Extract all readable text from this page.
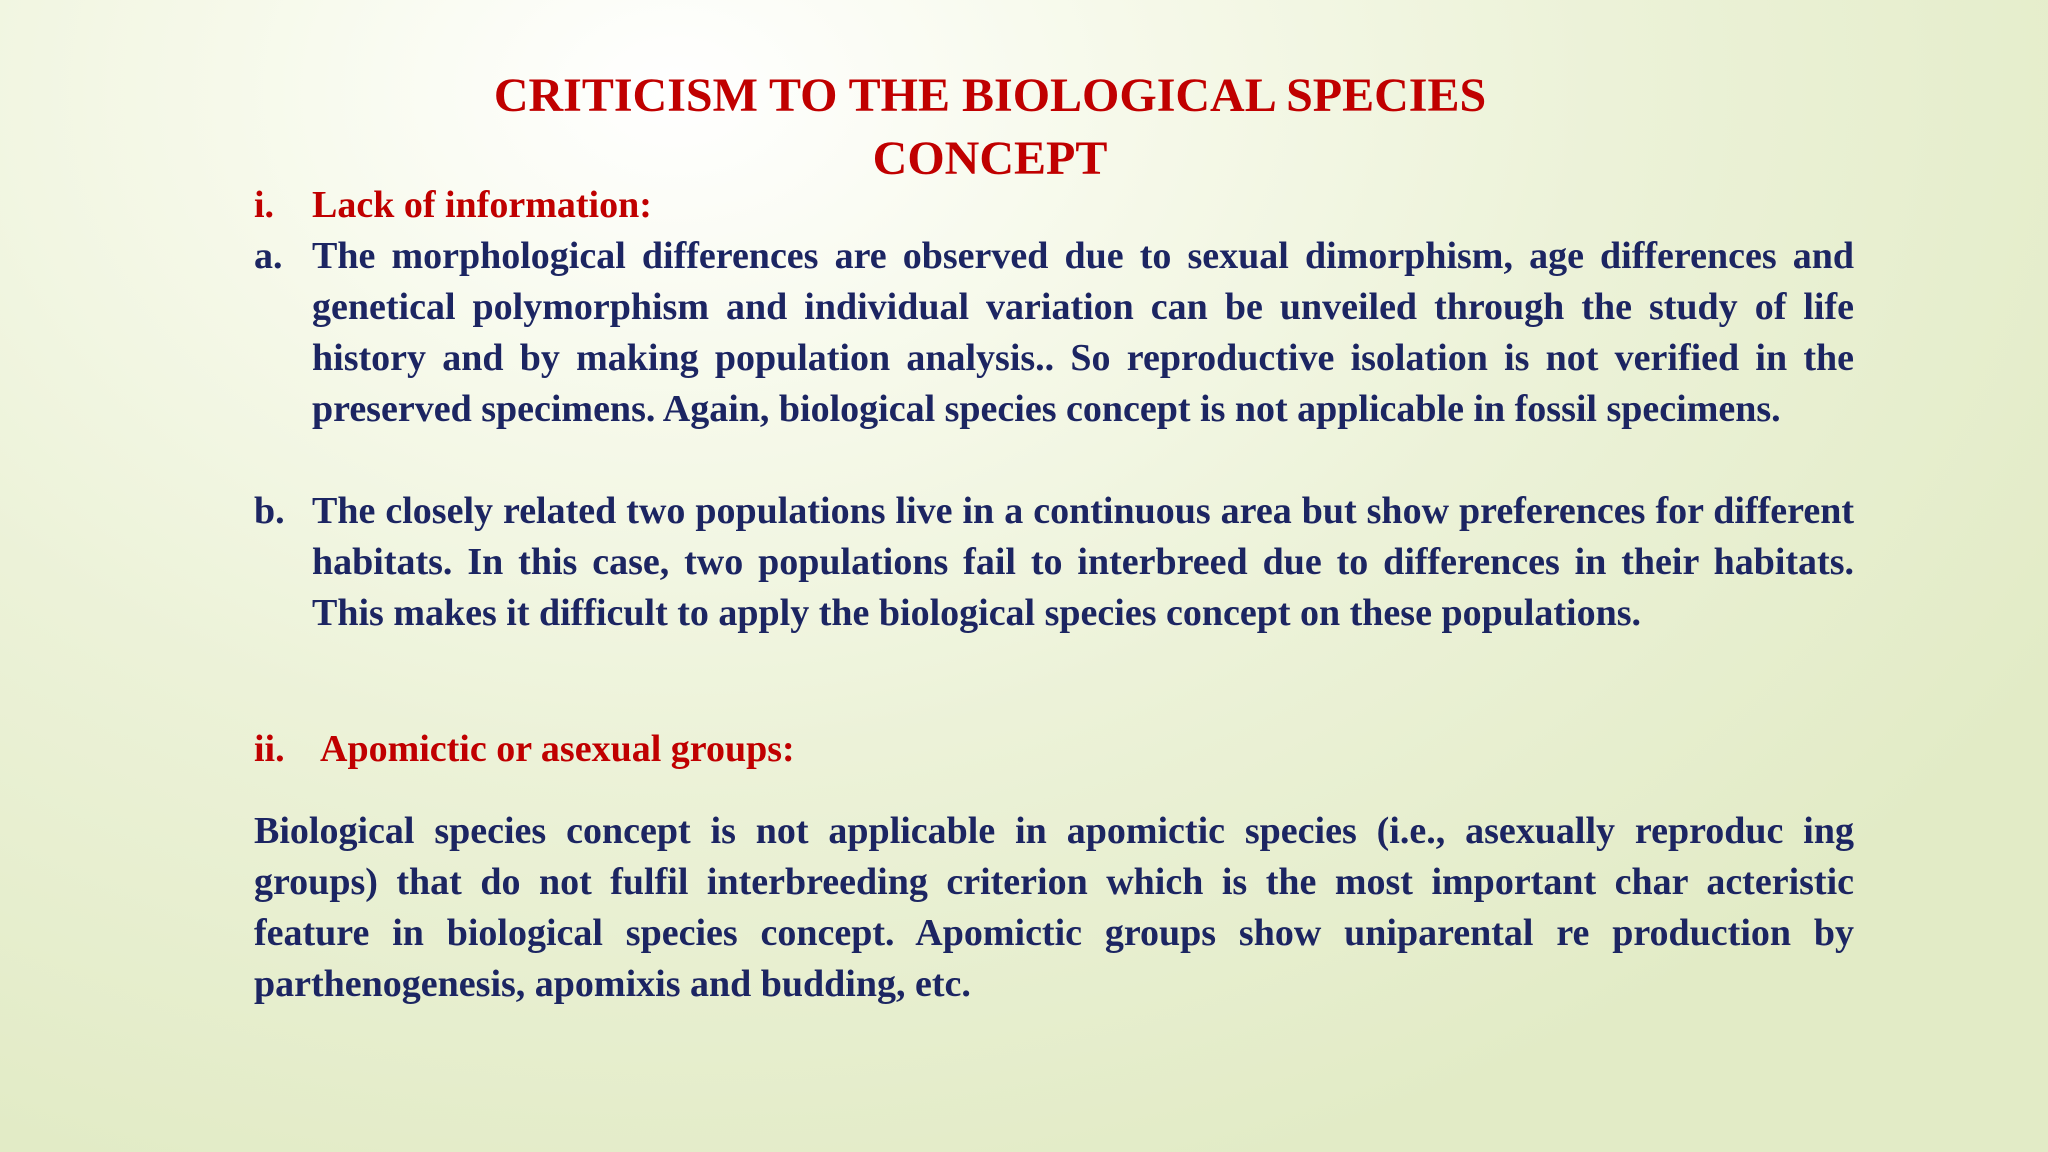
CRITICISM TO THE BIOLOGICAL SPECIES
CONCEPT
i. Lack of information:
a. The morphological differences are observed due to sexual dimorphism, age differences and genetical polymorphism and individual variation can be unveiled through the study of life history and by making population analysis.. So reproductive isolation is not verified in the preserved specimens. Again, biological species concept is not applicable in fossil specimens.
b. The closely related two populations live in a continuous area but show preferences for different habitats. In this case, two populations fail to interbreed due to differences in their habitats. This makes it difficult to apply the biological species concept on these populations.
ii. Apomictic or asexual groups:
Biological species concept is not applicable in apomictic species (i.e., asexually reproduc ing groups) that do not fulfil interbreeding criterion which is the most important char acteristic feature in biological species concept. Apomictic groups show uniparental re production by parthenogenesis, apomixis and budding, etc.
